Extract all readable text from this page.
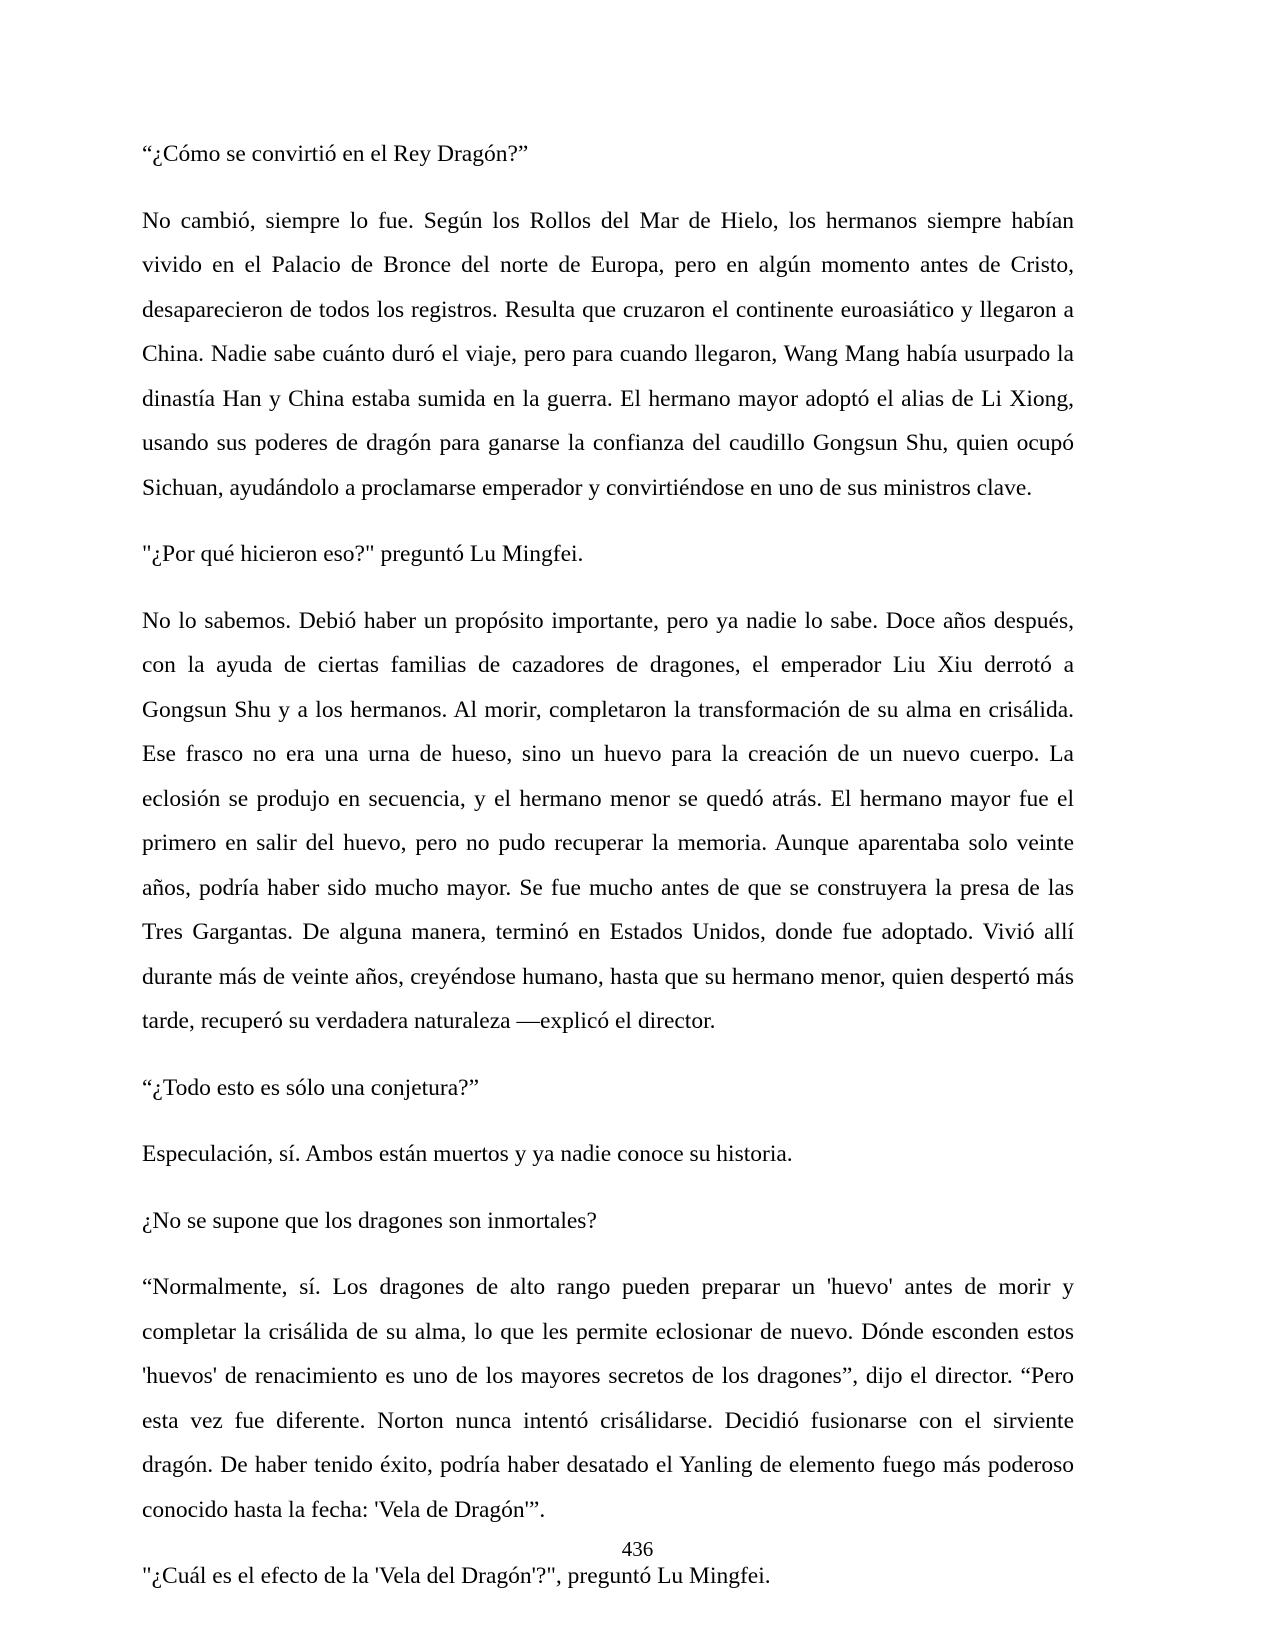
“¿Cómo se convirtió en el Rey Dragón?”

No cambió, siempre lo fue. Según los Rollos del Mar de Hielo, los hermanos siempre habían vivido en el Palacio de Bronce del norte de Europa, pero en algún momento antes de Cristo, desaparecieron de todos los registros. Resulta que cruzaron el continente euroasiático y llegaron a China. Nadie sabe cuánto duró el viaje, pero para cuando llegaron, Wang Mang había usurpado la dinastía Han y China estaba sumida en la guerra. El hermano mayor adoptó el alias de Li Xiong, usando sus poderes de dragón para ganarse la confianza del caudillo Gongsun Shu, quien ocupó Sichuan, ayudándolo a proclamarse emperador y convirtiéndose en uno de sus ministros clave.

"¿Por qué hicieron eso?" preguntó Lu Mingfei.

No lo sabemos. Debió haber un propósito importante, pero ya nadie lo sabe. Doce años después, con la ayuda de ciertas familias de cazadores de dragones, el emperador Liu Xiu derrotó a Gongsun Shu y a los hermanos. Al morir, completaron la transformación de su alma en crisálida. Ese frasco no era una urna de hueso, sino un huevo para la creación de un nuevo cuerpo. La eclosión se produjo en secuencia, y el hermano menor se quedó atrás. El hermano mayor fue el primero en salir del huevo, pero no pudo recuperar la memoria. Aunque aparentaba solo veinte años, podría haber sido mucho mayor. Se fue mucho antes de que se construyera la presa de las Tres Gargantas. De alguna manera, terminó en Estados Unidos, donde fue adoptado. Vivió allí durante más de veinte años, creyéndose humano, hasta que su hermano menor, quien despertó más tarde, recuperó su verdadera naturaleza —explicó el director.

“¿Todo esto es sólo una conjetura?”

Especulación, sí. Ambos están muertos y ya nadie conoce su historia.

¿No se supone que los dragones son inmortales?

“Normalmente, sí. Los dragones de alto rango pueden preparar un 'huevo' antes de morir y completar la crisálida de su alma, lo que les permite eclosionar de nuevo. Dónde esconden estos 'huevos' de renacimiento es uno de los mayores secretos de los dragones”, dijo el director. “Pero esta vez fue diferente. Norton nunca intentó crisálidarse. Decidió fusionarse con el sirviente dragón. De haber tenido éxito, podría haber desatado el Yanling de elemento fuego más poderoso conocido hasta la fecha: 'Vela de Dragón'”.

"¿Cuál es el efecto de la 'Vela del Dragón'?", preguntó Lu Mingfei.

436
